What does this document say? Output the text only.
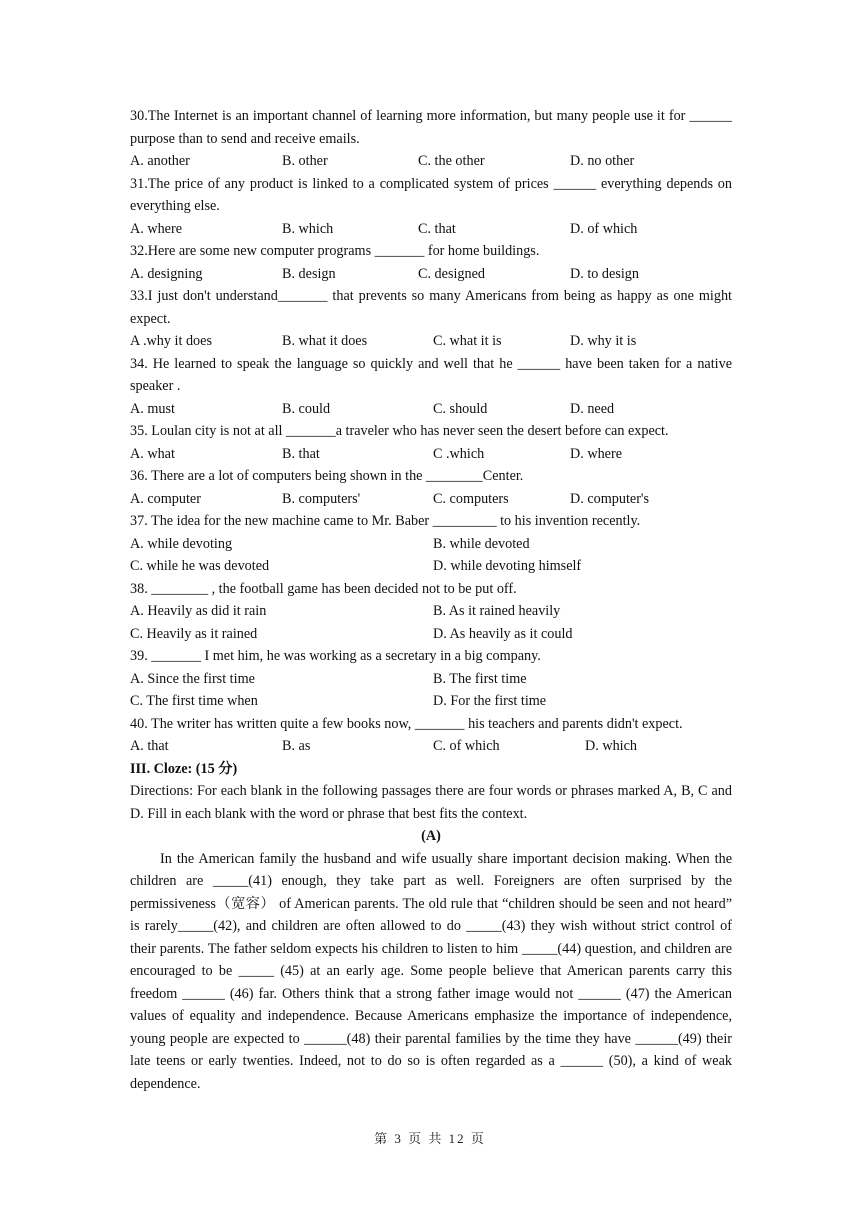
30.The Internet is an important channel of learning more information, but many people use it for ______ purpose than to send and receive emails.
A. another	B. other	C. the other	D. no other
31.The price of any product is linked to a complicated system of prices ______ everything depends on everything else.
A. where	B. which	C. that	D. of which
32.Here are some new computer programs _______ for home buildings.
A. designing	B. design	C. designed	D. to design
33.I just don't understand_______ that prevents so many Americans from being as happy as one might expect.
A .why it does	B. what it does	C. what it is	D. why it is
34. He learned to speak the language so quickly and well that he ______ have been taken for a native speaker .
A. must	B. could	C. should	D. need
35. Loulan city is not at all _______a traveler who has never seen the desert before can expect.
A. what	B. that	C .which	D. where
36. There are a lot of computers being shown in the ________Center.
A. computer	B. computers'	C. computers	D. computer's
37. The idea for the new machine came to Mr. Baber _________ to his invention recently.
A. while devoting	B. while devoted
C. while he was devoted	D. while devoting himself
38. ________ , the football game has been decided not to be put off.
A. Heavily as did it rain	B. As it rained heavily
C. Heavily as it rained	D. As heavily as it could
39. _______ I met him, he was working as a secretary in a big company.
A. Since the first time	B. The first time
C. The first time when	D. For the first time
40. The writer has written quite a few books now, _______ his teachers and parents didn't expect.
A. that	B. as	C. of which	D. which
III. Cloze: (15 分)
Directions: For each blank in the following passages there are four words or phrases marked A, B, C and D. Fill in each blank with the word or phrase that best fits the context.
(A)
In the American family the husband and wife usually share important decision making. When the children are _____(41) enough, they take part as well. Foreigners are often surprised by the permissiveness（宽容） of American parents. The old rule that “children should be seen and not heard” is rarely_____(42), and children are often allowed to do _____(43) they wish without strict control of their parents. The father seldom expects his children to listen to him _____(44) question, and children are encouraged to be _____ (45) at an early age. Some people believe that American parents carry this freedom ______ (46) far. Others think that a strong father image would not ______ (47) the American values of equality and independence. Because Americans emphasize the importance of independence, young people are expected to ______(48) their parental families by the time they have ______(49) their late teens or early twenties. Indeed, not to do so is often regarded as a ______ (50), a kind of weak dependence.
第 3 页 共 12 页
